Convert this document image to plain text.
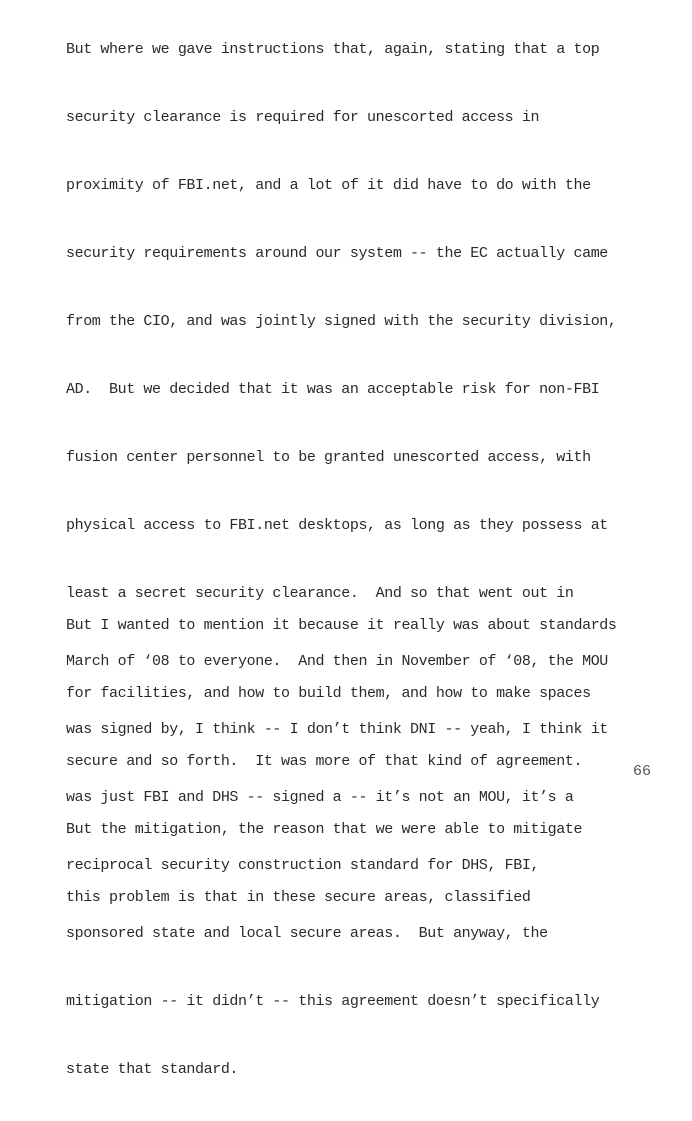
But where we gave instructions that, again, stating that a top

security clearance is required for unescorted access in

proximity of FBI.net, and a lot of it did have to do with the

security requirements around our system -- the EC actually came

from the CIO, and was jointly signed with the security division,

AD.  But we decided that it was an acceptable risk for non-FBI

fusion center personnel to be granted unescorted access, with

physical access to FBI.net desktops, as long as they possess at

least a secret security clearance.  And so that went out in

March of ‘08 to everyone.  And then in November of ‘08, the MOU

was signed by, I think -- I don’t think DNI -- yeah, I think it

was just FBI and DHS -- signed a -- it’s not an MOU, it’s a

reciprocal security construction standard for DHS, FBI,

sponsored state and local secure areas.  But anyway, the

mitigation -- it didn’t -- this agreement doesn’t specifically

state that standard.

But I wanted to mention it because it really was about standards

for facilities, and how to build them, and how to make spaces

secure and so forth.  It was more of that kind of agreement.

But the mitigation, the reason that we were able to mitigate

this problem is that in these secure areas, classified

66
